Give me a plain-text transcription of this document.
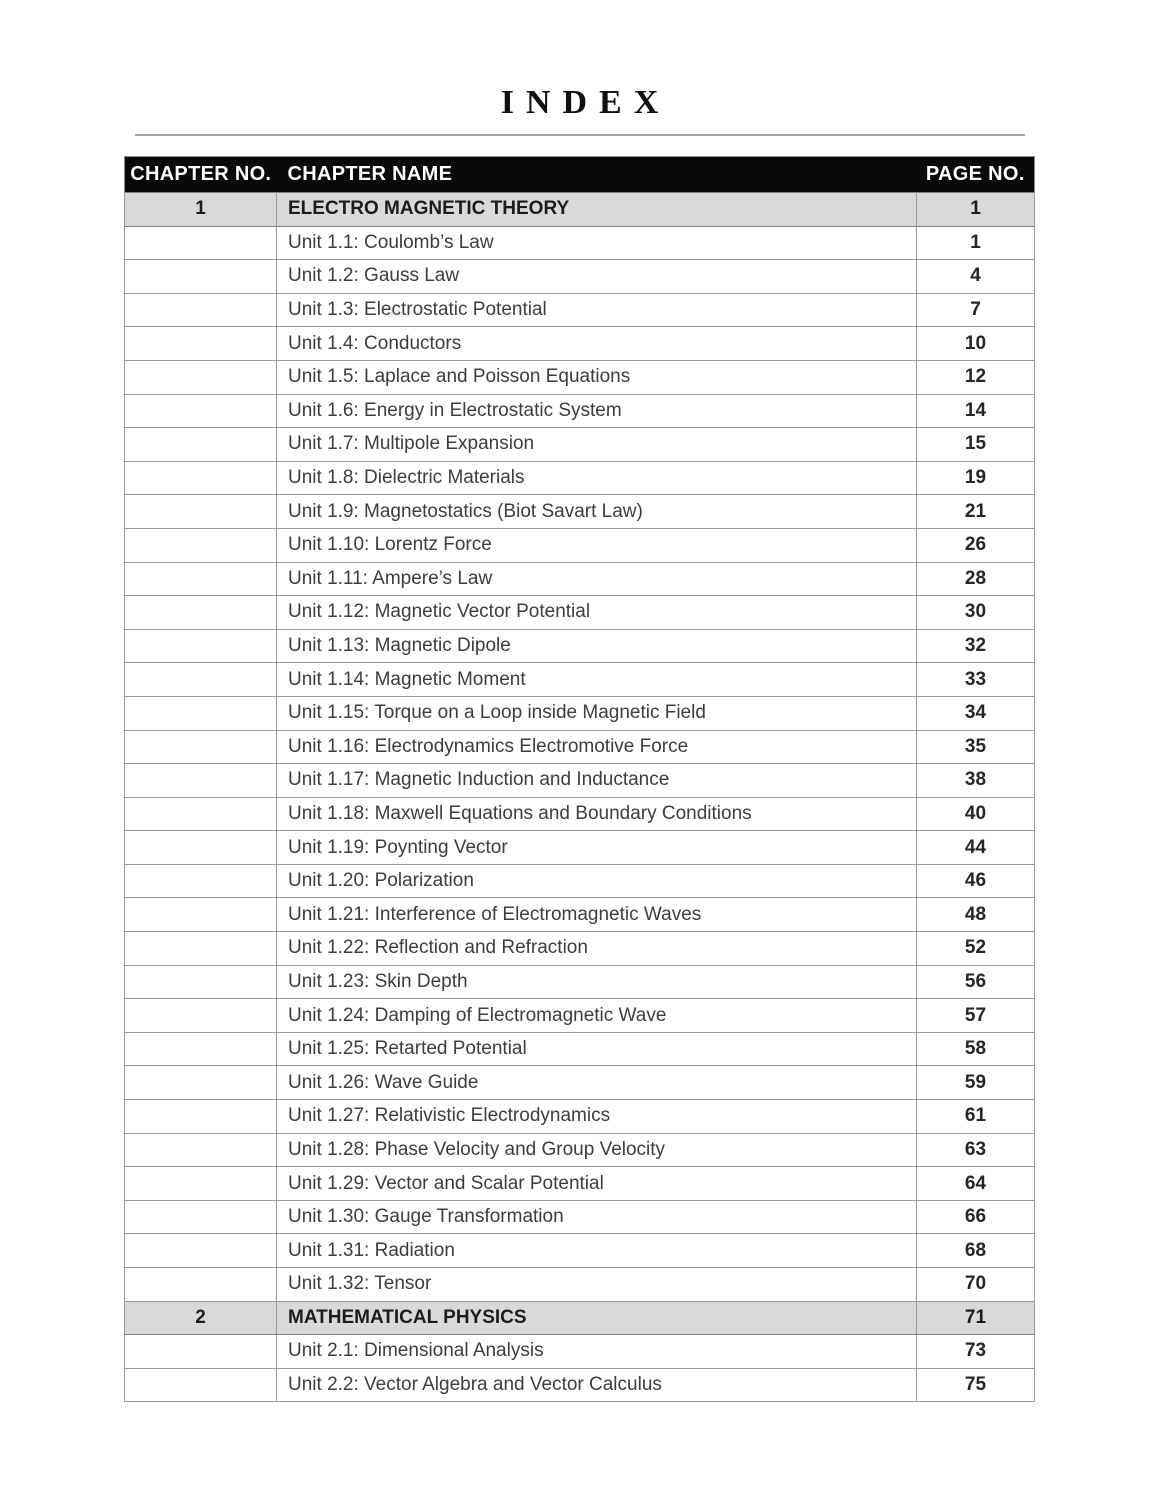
INDEX
CHAPTER NO.	CHAPTER NAME	PAGE NO.
1	ELECTRO MAGNETIC THEORY	1
	Unit 1.1: Coulomb’s Law	1
	Unit 1.2: Gauss Law	4
	Unit 1.3: Electrostatic Potential	7
	Unit 1.4: Conductors	10
	Unit 1.5: Laplace and Poisson Equations	12
	Unit 1.6: Energy in Electrostatic System	14
	Unit 1.7: Multipole Expansion	15
	Unit 1.8: Dielectric Materials	19
	Unit 1.9: Magnetostatics (Biot Savart Law)	21
	Unit 1.10: Lorentz Force	26
	Unit 1.11: Ampere’s Law	28
	Unit 1.12: Magnetic Vector Potential	30
	Unit 1.13: Magnetic Dipole	32
	Unit 1.14: Magnetic Moment	33
	Unit 1.15: Torque on a Loop inside Magnetic Field	34
	Unit 1.16: Electrodynamics Electromotive Force	35
	Unit 1.17: Magnetic Induction and Inductance	38
	Unit 1.18: Maxwell Equations and Boundary Conditions	40
	Unit 1.19: Poynting Vector	44
	Unit 1.20: Polarization	46
	Unit 1.21: Interference of Electromagnetic Waves	48
	Unit 1.22: Reflection and Refraction	52
	Unit 1.23: Skin Depth	56
	Unit 1.24: Damping of Electromagnetic Wave	57
	Unit 1.25: Retarted Potential	58
	Unit 1.26: Wave Guide	59
	Unit 1.27: Relativistic Electrodynamics	61
	Unit 1.28: Phase Velocity and Group Velocity	63
	Unit 1.29: Vector and Scalar Potential	64
	Unit 1.30: Gauge Transformation	66
	Unit 1.31: Radiation	68
	Unit 1.32: Tensor	70
2	MATHEMATICAL PHYSICS	71
	Unit 2.1: Dimensional Analysis	73
	Unit 2.2: Vector Algebra and Vector Calculus	75
